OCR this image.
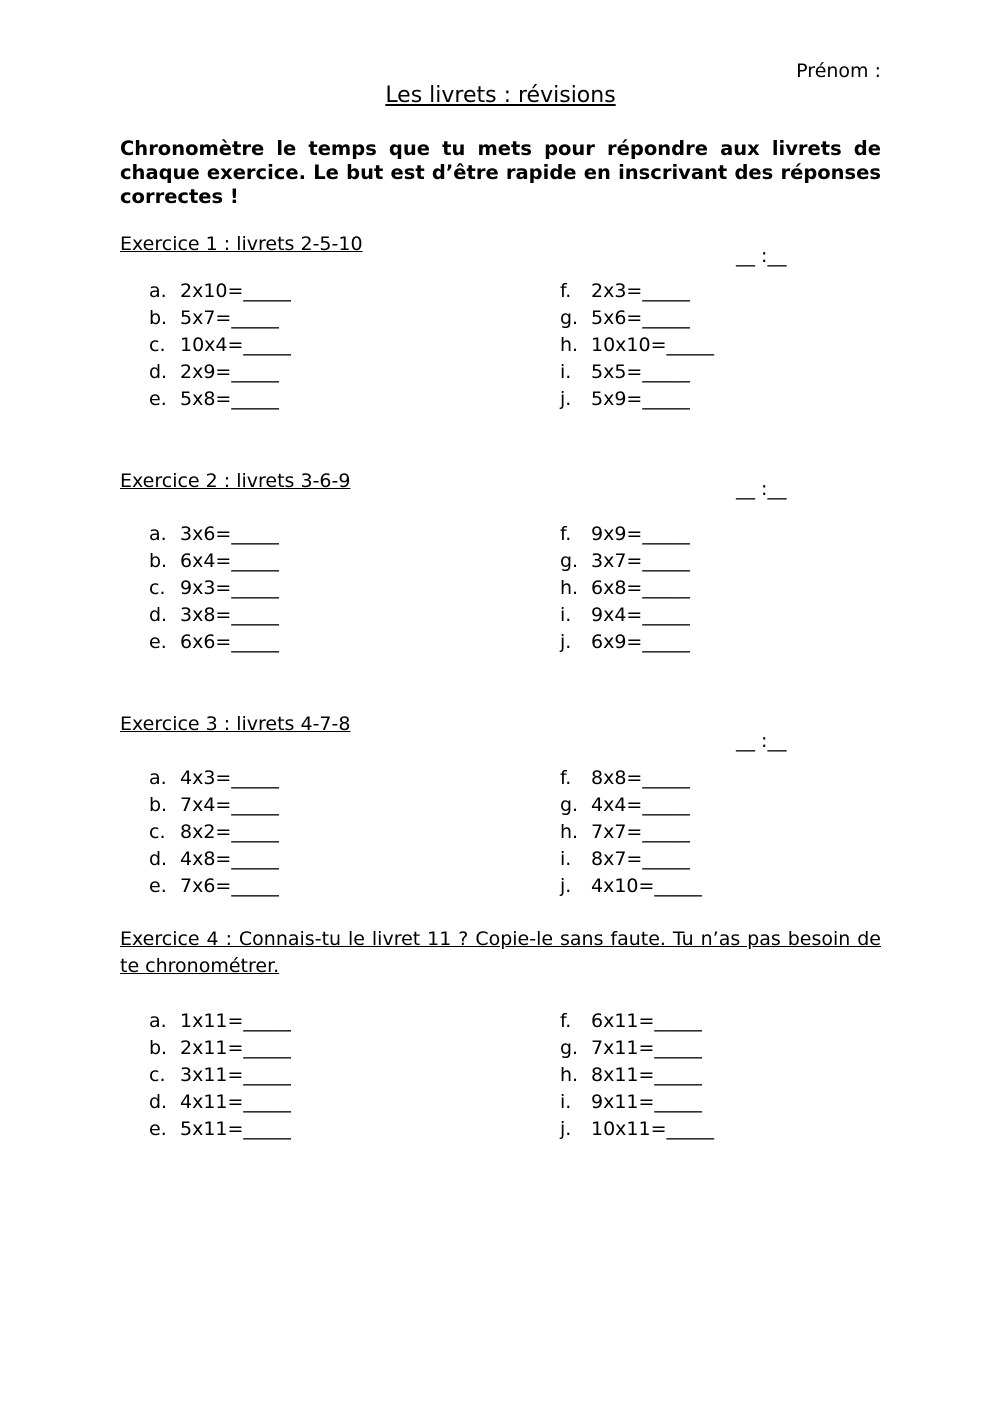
Prénom :
Les livrets : révisions
Chronomètre le temps que tu mets pour répondre aux livrets de chaque exercice. Le but est d’être rapide en inscrivant des réponses correctes !
Exercice 1 : livrets 2-5-10
__ :__
a. 2x10=_____
b. 5x7=_____
c. 10x4=_____
d. 2x9=_____
e. 5x8=_____
f. 2x3=_____
g. 5x6=_____
h. 10x10=_____
i. 5x5=_____
j. 5x9=_____
Exercice 2 : livrets 3-6-9	__ :__
a. 3x6=_____
b. 6x4=_____
c. 9x3=_____
d. 3x8=_____
e. 6x6=_____
f. 9x9=_____
g. 3x7=_____
h. 6x8=_____
i. 9x4=_____
j. 6x9=_____
Exercice 3 : livrets 4-7-8
__ :__
a. 4x3=_____
b. 7x4=_____
c. 8x2=_____
d. 4x8=_____
e. 7x6=_____
f. 8x8=_____
g. 4x4=_____
h. 7x7=_____
i. 8x7=_____
j. 4x10=_____
Exercice 4 : Connais-tu le livret 11 ? Copie-le sans faute. Tu n’as pas besoin de te chronométrer.
a. 1x11=_____
b. 2x11=_____
c. 3x11=_____
d. 4x11=_____
e. 5x11=_____
f. 6x11=_____
g. 7x11=_____
h. 8x11=_____
i. 9x11=_____
j. 10x11=_____
